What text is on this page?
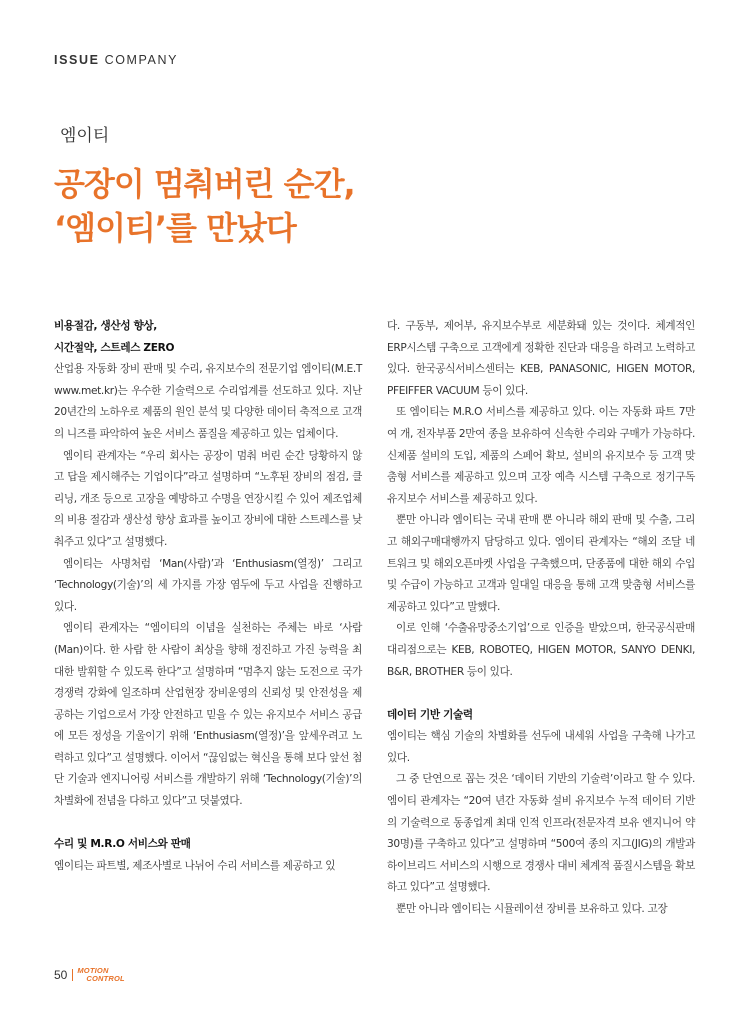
ISSUE COMPANY
엠이티
공장이 멈춰버린 순간,
‘엠이티’를 만났다

비용절감, 생산성 향상,

시간절약, 스트레스 ZERO

산업용 자동화 장비 판매 및 수리, 유지보수의 전문기업 엠이티(M.E.T www.met.kr)는 우수한 기술력으로 수리업계를 선도하고 있다. 지난 20년간의 노하우로 제품의 원인 분석 및 다양한 데이터 축적으로 고객의 니즈를 파악하여 높은 서비스 품질을 제공하고 있는 업체이다.

엠이티 관계자는 “우리 회사는 공장이 멈춰 버린 순간 당황하지 않고 답을 제시해주는 기업이다”라고 설명하며 “노후된 장비의 점검, 클리닝, 개조 등으로 고장을 예방하고 수명을 연장시킬 수 있어 제조업체의 비용 절감과 생산성 향상 효과를 높이고 장비에 대한 스트레스를 낮춰주고 있다”고 설명했다.

엠이티는 사명처럼 ‘Man(사람)’과 ‘Enthusiasm(열정)’ 그리고 ‘Technology(기술)’의 세 가지를 가장 염두에 두고 사업을 진행하고 있다.

엠이티 관계자는 “엠이티의 이념을 실천하는 주체는 바로 ‘사람(Man)이다. 한 사람 한 사람이 최상을 향해 정진하고 가진 능력을 최대한 발휘할 수 있도록 한다”고 설명하며 “멈추지 않는 도전으로 국가경쟁력 강화에 일조하며 산업현장 장비운영의 신뢰성 및 안전성을 제공하는 기업으로서 가장 안전하고 믿을 수 있는 유지보수 서비스 공급에 모든 정성을 기울이기 위해 ‘Enthusiasm(열정)’을 앞세우려고 노력하고 있다”고 설명했다. 이어서 “끊임없는 혁신을 통해 보다 앞선 첨단 기술과 엔지니어링 서비스를 개발하기 위해 ‘Technology(기술)’의 차별화에 전념을 다하고 있다”고 덧붙였다.

수리 및 M.R.O 서비스와 판매

엠이티는 파트별, 제조사별로 나뉘어 수리 서비스를 제공하고 있

다. 구동부, 제어부, 유지보수부로 세분화돼 있는 것이다. 체계적인 ERP시스템 구축으로 고객에게 정확한 진단과 대응을 하려고 노력하고 있다. 한국공식서비스센터는 KEB, PANASONIC, HIGEN MOTOR, PFEIFFER VACUUM 등이 있다.

또 엠이티는 M.R.O 서비스를 제공하고 있다. 이는 자동화 파트 7만여 개, 전자부품 2만여 종을 보유하여 신속한 수리와 구매가 가능하다. 신제품 설비의 도입, 제품의 스페어 확보, 설비의 유지보수 등 고객 맞춤형 서비스를 제공하고 있으며 고장 예측 시스템 구축으로 정기구독 유지보수 서비스를 제공하고 있다.

뿐만 아니라 엠이티는 국내 판매 뿐 아니라 해외 판매 및 수출, 그리고 해외구매대행까지 담당하고 있다. 엠이티 관계자는 “해외 조달 네트워크 및 해외오픈마켓 사업을 구축했으며, 단종품에 대한 해외 수입 및 수급이 가능하고 고객과 일대일 대응을 통해 고객 맞춤형 서비스를 제공하고 있다”고 말했다.

이로 인해 ‘수출유망중소기업’으로 인증을 받았으며, 한국공식판매대리점으로는 KEB, ROBOTEQ, HIGEN MOTOR, SANYO DENKI, B&R, BROTHER 등이 있다.

데이터 기반 기술력

엠이티는 핵심 기술의 차별화를 선두에 내세워 사업을 구축해 나가고 있다.

그 중 단연으로 꼽는 것은 ‘데이터 기반의 기술력’이라고 할 수 있다. 엠이티 관계자는 “20여 년간 자동화 설비 유지보수 누적 데이터 기반의 기술력으로 동종업계 최대 인적 인프라(전문자격 보유 엔지니어 약 30명)를 구축하고 있다”고 설명하며 “500여 종의 지그(JIG)의 개발과 하이브리드 서비스의 시행으로 경쟁사 대비 체계적 품질시스템을 확보하고 있다”고 설명했다.

뿐만 아니라 엠이티는 시뮬레이션 장비를 보유하고 있다. 고장

50 MOTION
CONTROL
